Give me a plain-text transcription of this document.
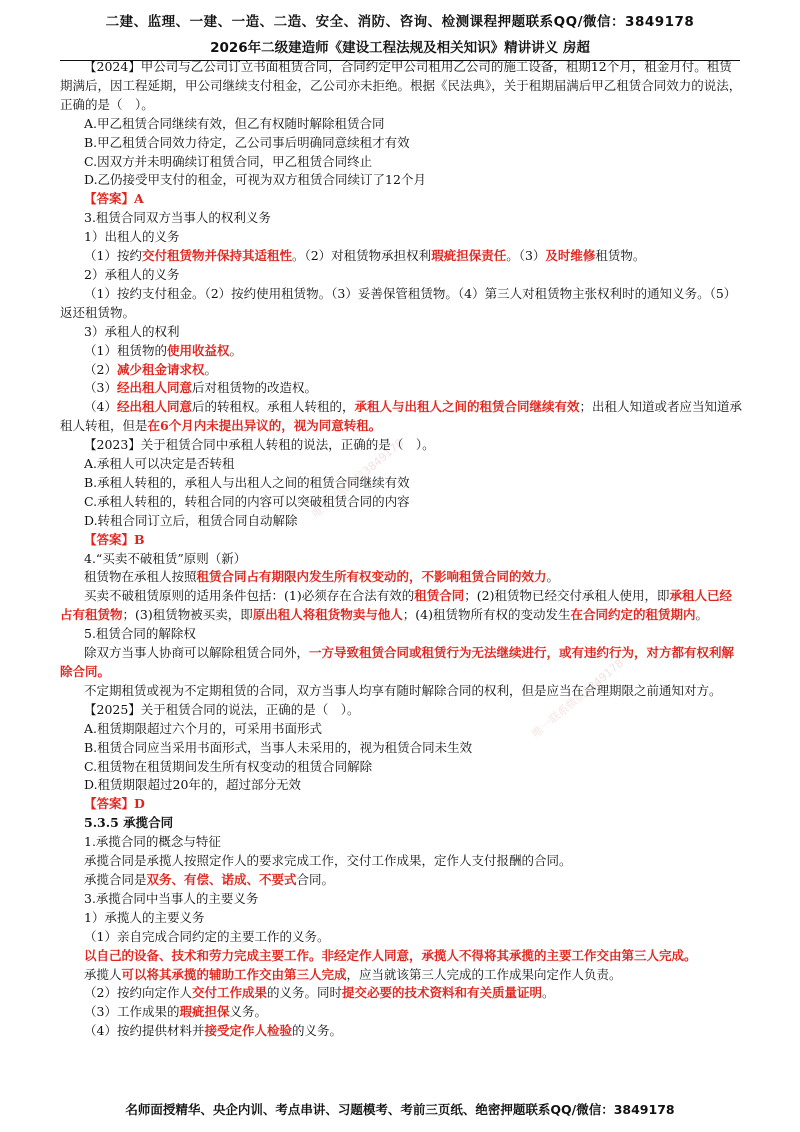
二建、监理、一建、一造、二造、安全、消防、咨询、检测课程押题联系QQ/微信：3849178
2026年二级建造师《建设工程法规及相关知识》精讲讲义 房超
唯一联系微信3849178
唯一联系微信3849178

【2024】甲公司与乙公司订立书面租赁合同，合同约定甲公司租用乙公司的施工设备，租期12个月，租金月付。租赁期满后，因工程延期，甲公司继续支付租金，乙公司亦未拒绝。根据《民法典》，关于租期届满后甲乙租赁合同效力的说法，正确的是（　）。

A.甲乙租赁合同继续有效，但乙有权随时解除租赁合同

B.甲乙租赁合同效力待定，乙公司事后明确同意续租才有效

C.因双方并未明确续订租赁合同，甲乙租赁合同终止

D.乙仍接受甲支付的租金，可视为双方租赁合同续订了12个月

【答案】A

3.租赁合同双方当事人的权利义务

1）出租人的义务

（1）按约交付租赁物并保持其适租性。（2）对租赁物承担权利瑕疵担保责任。（3）及时维修租赁物。

2）承租人的义务

（1）按约支付租金。（2）按约使用租赁物。（3）妥善保管租赁物。（4）第三人对租赁物主张权利时的通知义务。（5）返还租赁物。

3）承租人的权利

（1）租赁物的使用收益权。

（2）减少租金请求权。

（3）经出租人同意后对租赁物的改造权。

（4）经出租人同意后的转租权。承租人转租的，承租人与出租人之间的租赁合同继续有效；出租人知道或者应当知道承租人转租，但是在6个月内未提出异议的，视为同意转租。

【2023】关于租赁合同中承租人转租的说法，正确的是（　）。

A.承租人可以决定是否转租

B.承租人转租的，承租人与出租人之间的租赁合同继续有效

C.承租人转租的，转租合同的内容可以突破租赁合同的内容

D.转租合同订立后，租赁合同自动解除

【答案】B

4.“买卖不破租赁”原则（新）

租赁物在承租人按照租赁合同占有期限内发生所有权变动的，不影响租赁合同的效力。

买卖不破租赁原则的适用条件包括：(1)必须存在合法有效的租赁合同；(2)租赁物已经交付承租人使用，即承租人已经占有租赁物；(3)租赁物被买卖，即原出租人将租货物卖与他人；(4)租赁物所有权的变动发生在合同约定的租赁期内。

5.租赁合同的解除权

除双方当事人协商可以解除租赁合同外，一方导致租赁合同或租赁行为无法继续进行，或有违约行为，对方都有权利解除合同。

不定期租赁或视为不定期租赁的合同，双方当事人均享有随时解除合同的权利，但是应当在合理期限之前通知对方。

【2025】关于租赁合同的说法，正确的是（　）。

A.租赁期限超过六个月的，可采用书面形式

B.租赁合同应当采用书面形式，当事人未采用的，视为租赁合同未生效

C.租赁物在租赁期间发生所有权变动的租赁合同解除

D.租赁期限超过20年的，超过部分无效

【答案】D

5.3.5 承揽合同

1.承揽合同的概念与特征

承揽合同是承揽人按照定作人的要求完成工作，交付工作成果，定作人支付报酬的合同。

承揽合同是双务、有偿、诺成、不要式合同。

3.承揽合同中当事人的主要义务

1）承揽人的主要义务

（1）亲自完成合同约定的主要工作的义务。

以自己的设备、技术和劳力完成主要工作。非经定作人同意，承揽人不得将其承揽的主要工作交由第三人完成。

承揽人可以将其承揽的辅助工作交由第三人完成，应当就该第三人完成的工作成果向定作人负责。

（2）按约向定作人交付工作成果的义务。同时提交必要的技术资料和有关质量证明。

（3）工作成果的瑕疵担保义务。

（4）按约提供材料并接受定作人检验的义务。

名师面授精华、央企内训、考点串讲、习题模考、考前三页纸、绝密押题联系QQ/微信：3849178
